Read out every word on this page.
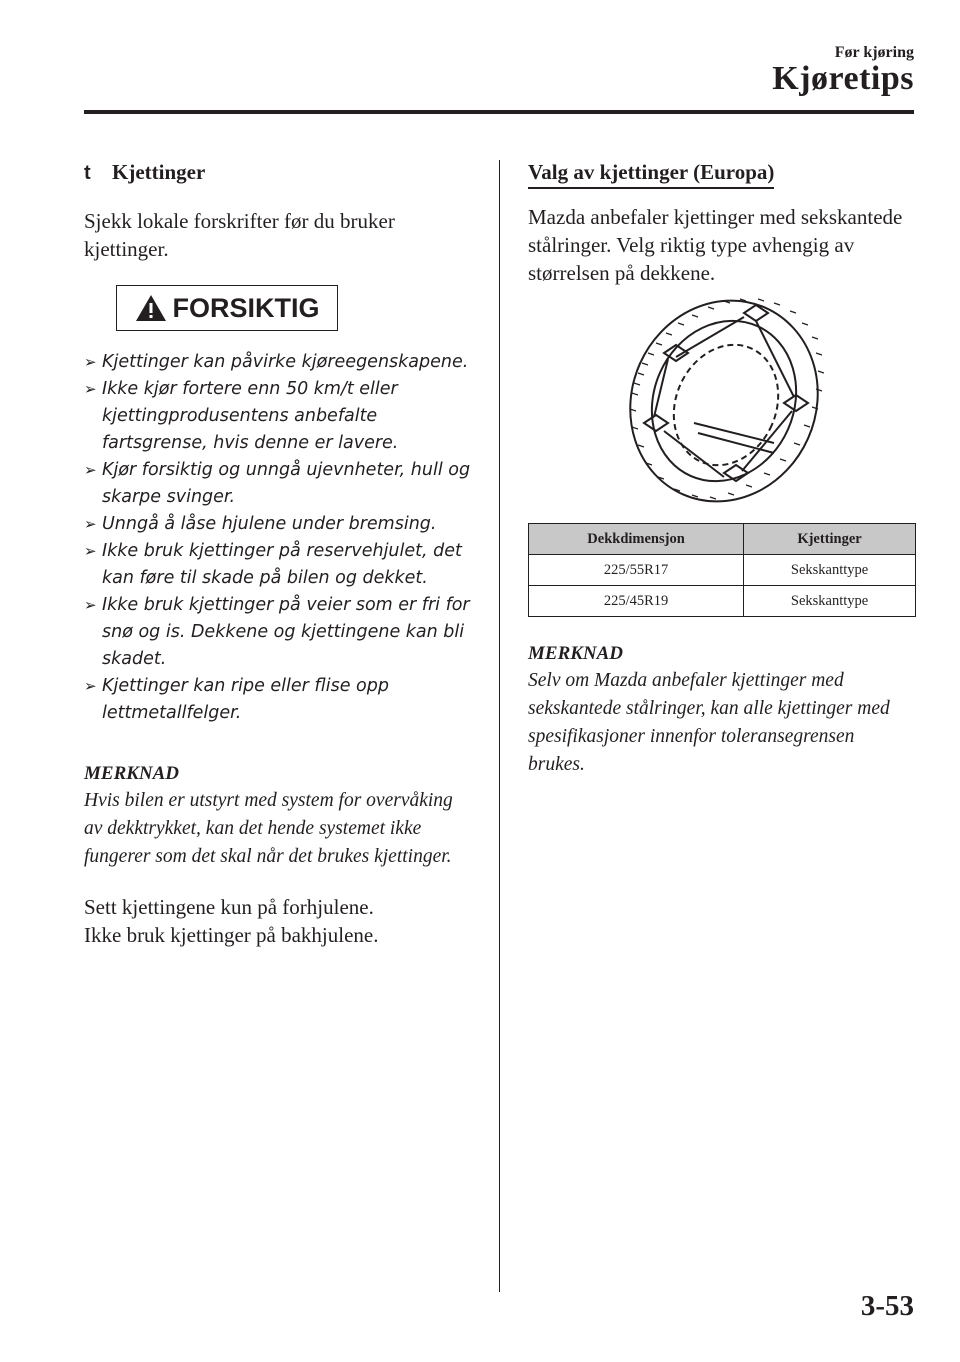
Før kjøring
Kjøretips
t	Kjettinger

Sjekk lokale forskrifter før du bruker kjettinger.

FORSIKTIG
➢ Kjettinger kan påvirke kjøreegenskapene.
➢ Ikke kjør fortere enn 50 km/t eller kjettingprodusentens anbefalte fartsgrense, hvis denne er lavere.
➢ Kjør forsiktig og unngå ujevnheter, hull og skarpe svinger.
➢ Unngå å låse hjulene under bremsing.
➢ Ikke bruk kjettinger på reservehjulet, det kan føre til skade på bilen og dekket.
➢ Ikke bruk kjettinger på veier som er fri for snø og is. Dekkene og kjettingene kan bli skadet.
➢ Kjettinger kan ripe eller flise opp lettmetallfelger.
MERKNAD

Hvis bilen er utstyrt med system for overvåking av dekktrykket, kan det hende systemet ikke fungerer som det skal når det brukes kjettinger.

Sett kjettingene kun på forhjulene.

Ikke bruk kjettinger på bakhjulene.

Valg av kjettinger (Europa)

Mazda anbefaler kjettinger med sekskantede stålringer. Velg riktig type avhengig av størrelsen på dekkene.

Dekkdimensjon	Kjettinger
225/55R17	Sekskanttype
225/45R19	Sekskanttype
MERKNAD

Selv om Mazda anbefaler kjettinger med sekskantede stålringer, kan alle kjettinger med spesifikasjoner innenfor toleransegrensen brukes.

3-53
